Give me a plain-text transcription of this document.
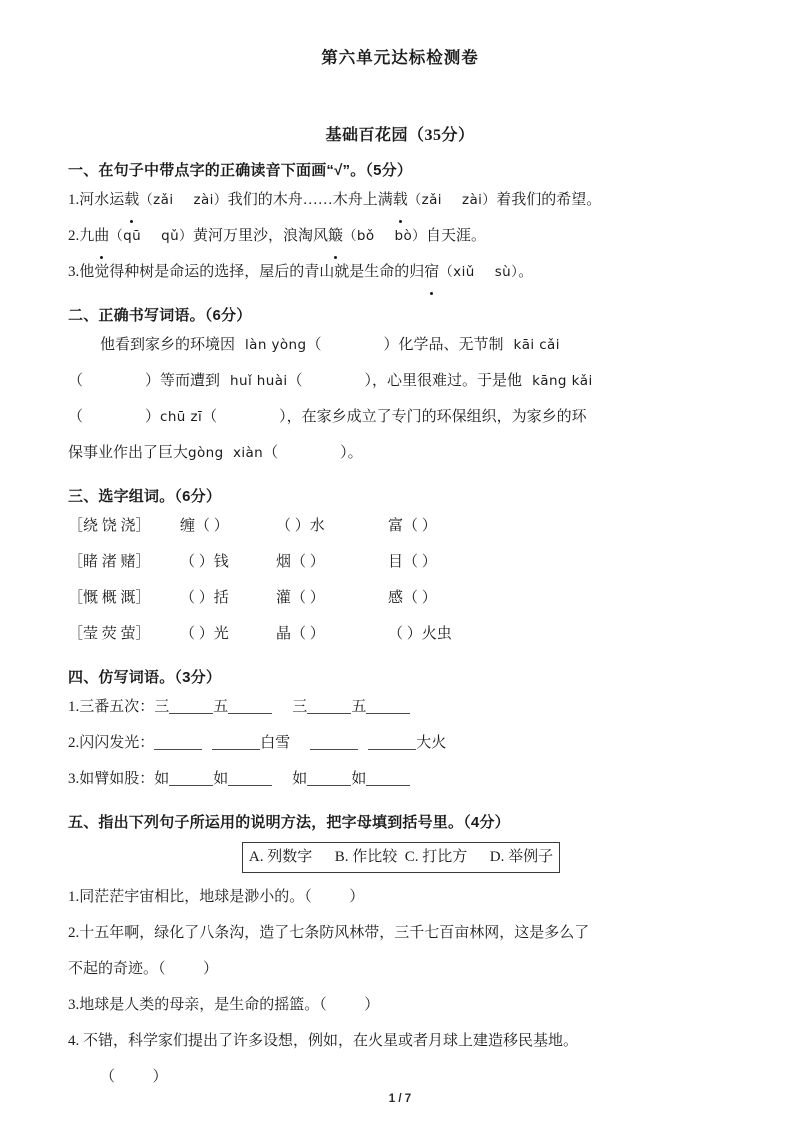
第六单元达标检测卷
基础百花园（35分）
一、在句子中带点字的正确读音下面画“√”。（5分）
1.河水运载（zǎi zài）我们的木舟……木舟上满载（zǎi zài）着我们的希望。
2.九曲（qū qǔ）黄河万里沙，浪淘风簸（bǒ bò）自天涯。
3.他觉得种树是命运的选择，屋后的青山就是生命的归宿（xiǔ sù）。
二、正确书写词语。（6分）
他看到家乡的环境因 làn yòng（	）化学品、无节制 kāi cǎi
（	）等而遭到 huǐ huài（	），心里很难过。于是他 kāng kǎi
（	）chū zī（	），在家乡成立了专门的环保组织，为家乡的环
保事业作出了巨大gòng  xiàn（	）。
三、选字组词。（6分）
［绕 饶 浇］ 缠（ ）	（ ）水	富（ ）
［睹 渚 赌］ （ ）钱	烟（ ）	目（ ）
［慨 概 溉］ （ ）括	灌（ ）	感（ ）
［莹 荧 萤］ （ ）光	晶（ ）	（ ）火虫
四、仿写词语。（3分）
1.三番五次：三	五	三	五
2.闪闪发光：	白雪	大火
3.如臂如股：如	如	如	如
五、指出下列句子所运用的说明方法，把字母填到括号里。（4分）
A. 列数字      B. 作比较  C. 打比方      D. 举例子
1.同茫茫宇宙相比，地球是渺小的。（          ）
2.十五年啊，绿化了八条沟，造了七条防风林带，三千七百亩林网，这是多么了
不起的奇迹。（          ）
3.地球是人类的母亲，是生命的摇篮。（          ）
4. 不错，科学家们提出了许多设想，例如，在火星或者月球上建造移民基地。
（          ）
1 / 7
